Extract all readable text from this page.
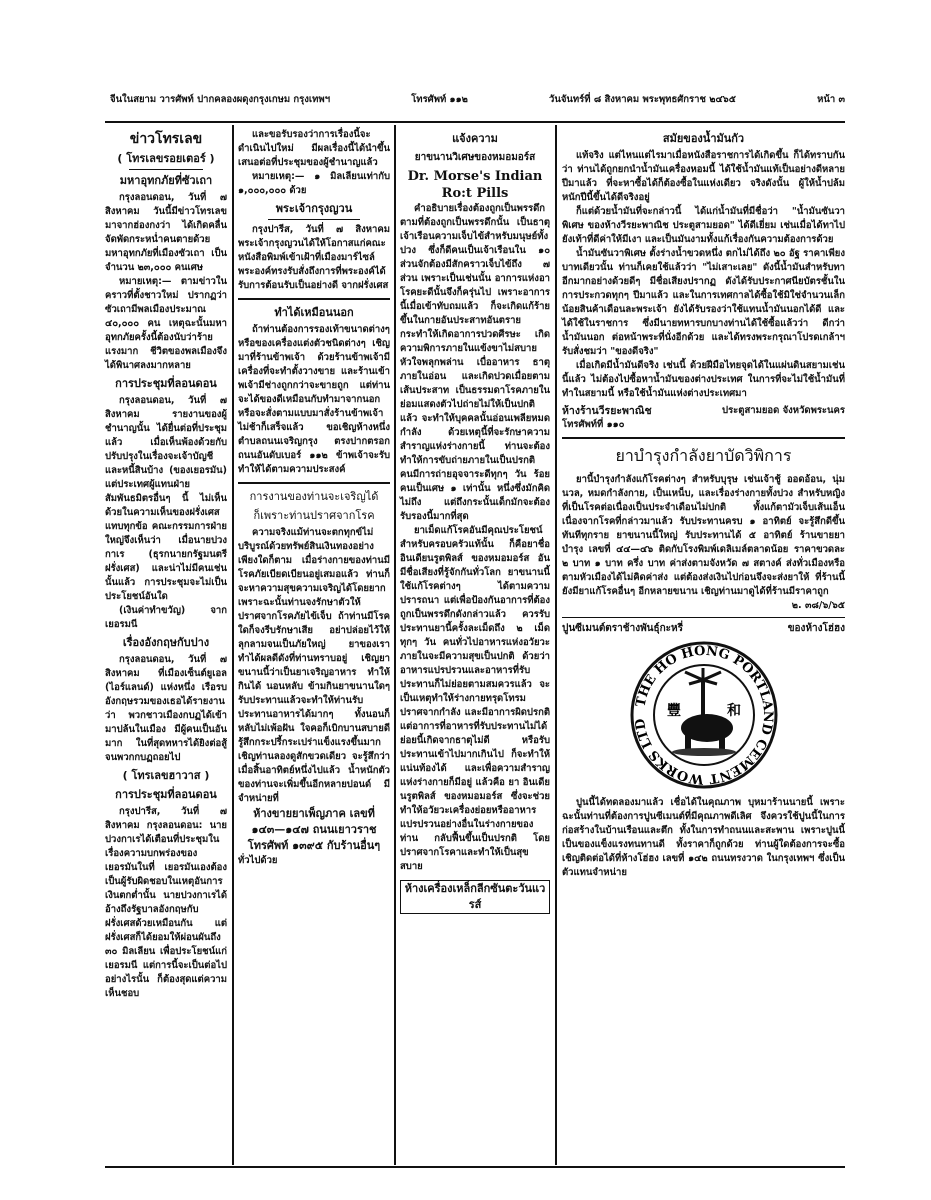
จีนในสยาม วารศัพท์ ปากคลองผดุงกรุงเกษม กรุงเทพฯ	โทรศัพท์ ๑๑๒	วันจันทร์ที่ ๘ สิงหาคม พระพุทธศักราช ๒๔๖๕	หน้า ๓
ข่าวโทรเลข
( โทรเลขรอยเตอร์ )
มหาอุทกภัยที่ซัวเถา

กรุงลอนดอน, วันที่ ๗ สิงหาคม วันนี้มีข่าวโทรเลขมาจากฮ่องกงว่า ได้เกิดคลื่นจัดพัดกระหน่ำคนตายด้วยมหาอุทกภัยที่เมืองซัวเถา เป็นจำนวน ๒๓,๐๐๐ คนเศษ

หมายเหตุ:— ตามข่าวในคราวที่ตั้งชาวใหม่ ปรากฏว่า ซัวเถามีพลเมืองประมาณ ๔๐,๐๐๐ คน เหตุฉะนั้นมหาอุทกภัยครั้งนี้ต้องนับว่าร้ายแรงมาก ชีวิตของพลเมืองจึงได้พินาศลงมากหลาย

การประชุมที่ลอนดอน

กรุงลอนดอน, วันที่ ๗ สิงหาคม รายงานของผู้ชำนาญนั้น ได้ยื่นต่อที่ประชุมแล้ว เมื่อเห็นพ้องด้วยกับปรับปรุงในเรื่องจะเจ้าบัญชีและหนี้สินบ้าง (ของเยอรมัน) แต่ประเทศผู้แทนฝ่ายสัมพันธมิตรอื่นๆ นี้ ไม่เห็นด้วยในความเห็นของฝรั่งเศสแทบทุกข้อ คณะกรรมการฝ่ายใหญ่จึงเห็นว่า เมื่อนายปวงกาเร (ธุรกนายกรัฐมนตรีฝรั่งเศส) และน่าไม่มีคนเช่นนั้นแล้ว การประชุมจะไม่เป็นประโยชน์อันใด

(เงินค่าทำขวัญ) จากเยอรมนี

เรื่องอังกฤษกับปาง

กรุงลอนดอน, วันที่ ๗ สิงหาคม ที่เมืองเซ็นต์ยูเอล (ไอร์แลนด์) แห่งหนึ่ง เรือรบอังกฤษรวมของเธอได้รายงานว่า พวกชาวเมืองกบฏได้เข้ามาปล้นในเมือง มีผู้คนเป็นอันมาก ในที่สุดทหารได้ยิงต่อสู้จนพวกกบฏถอยไป

( โทรเลขฮาวาส )
การประชุมที่ลอนดอน

กรุงปารีส, วันที่ ๗ สิงหาคม กรุงลอนดอน: นายปวงกาเรได้เตือนที่ประชุมในเรื่องความบกพร่องของเยอรมันในที่ เยอรมันเองต้องเป็นผู้รับผิดชอบในเหตุอันการเงินตกต่ำนั้น นายปวงกาเรได้อ้างถึงรัฐบาลอังกฤษกับฝรั่งเศสด้วยเหมือนกัน แต่ฝรั่งเศสก็ได้ยอมให้ผ่อนผันถึง ๓๐ มิลเลียน เพื่อประโยชน์แก่เยอรมนี แต่การนี้จะเป็นต่อไปอย่างไรนั้น ก็ต้องสุดแต่ความเห็นชอบ

และขอรับรองว่าการเรื่องนี้จะดำเนินไปใหม่ มีผลเรื่องนี้ได้นำขึ้นเสนอต่อที่ประชุมของผู้ชำนาญแล้ว

หมายเหตุ:— ๑ มิลเลียนเท่ากับ ๑,๐๐๐,๐๐๐ ด้วย

พระเจ้ากรุงญวน

กรุงปารีส, วันที่ ๗ สิงหาคม พระเจ้ากรุงญวนได้ให้โอกาสแก่คณะหนังสือพิมพ์เข้าเฝ้าที่เมืองมาร์ไซล์ พระองค์ทรงรับสั่งถึงการที่พระองค์ได้รับการต้อนรับเป็นอย่างดี จากฝรั่งเศส

ทำได้เหมือนนอก

ถ้าท่านต้องการรองเท้าขนาดต่างๆ หรือของเครื่องแต่งตัวชนิดต่างๆ เชิญมาที่ร้านข้าพเจ้า ด้วยร้านข้าพเจ้ามีเครื่องที่จะทำตั้งวางขาย และร้านเข้าพเจ้ามีช่างถูกกว่าจะขายถูก แต่ท่านจะได้ของดีเหมือนกับทำมาจากนอก หรือจะสั่งตามแบบมาสั่งร้านข้าพเจ้า ไม่ช้าก็เสร็จแล้ว ขอเชิญห้างหนึ่ง ตำบลถนนเจริญกรุง ตรงปากตรอกถนนอันดับเบอร์ ๑๑๒ ข้าพเจ้าจะรับทำให้ได้ตามความประสงค์

การงานของท่านจะเจริญได้
ก็เพราะท่านปราศจากโรค

ความจริงแม้ท่านจะตกทุกข์ไม่บริบูรณ์ด้วยทรัพย์สินเงินทองอย่างเพียงใดก็ตาม เมื่อร่างกายของท่านมีโรคภัยเบียดเบียนอยู่เสมอแล้ว ท่านก็จะหาความสุขความเจริญได้โดยยาก เพราะฉะนั้นท่านจงรักษาตัวให้ปราศจากโรคภัยไข้เจ็บ ถ้าท่านมีโรคใดก็จงรีบรักษาเสีย อย่าปล่อยไว้ให้ลุกลามจนเป็นภัยใหญ่ ยาของเราทำได้ผลดีดังที่ท่านทราบอยู่ เชิญยาขนานนี้ว่าเป็นยาเจริญอาหาร ทำให้กินได้ นอนหลับ ข้ามกินยาขนานใดๆ รับประทานแล้วจะทำให้ท่านรับประทานอาหารได้มากๆ ทั้งนอนก็หลับไม่เพ้อฝัน ใจคอก็เบิกบานสบายดี รู้สึกกระปรี้กระเปร่าแข็งแรงขึ้นมาก เชิญท่านลองดูสักขวดเดียว จะรู้สึกว่าเมื่อสิ้นอาทิตย์หนึ่งไปแล้ว น้ำหนักตัวของท่านจะเพิ่มขึ้นอีกหลายปอนด์ มีจำหน่ายที่

ห้างขายยาเพ็ญภาค เลขที่
๑๔๓—๑๔๗ ถนนเยาวราช
โทรศัพท์ ๑๓๙๕ กับร้านอื่นๆ
ทั่วไปด้วย
แจ้งความ
ยาขนานวิเศษของหมอมอร์ส
Dr. Morse's Indian
Ro:t Pills

คำอธิบายเรื่องต้องถูกเป็นพรรดึก ตามที่ต้องถูกเป็นพรรดึกนั้น เป็นธาตุเจ้าเรือนความเจ็บไข้สำหรับมนุษย์ทั้งปวง ซึ่งก็ดีคนเป็นเจ้าเรือนใน ๑๐ ส่วนจักต้องมีสักคราวเจ็บไข้ถึง ๗ ส่วน เพราะเป็นเช่นนั้น อาการแห่งอาโรคยะดีนั้นจึงก็ครุ่นไป เพราะอาการนี้เมื่อเข้าทับถมแล้ว ก็จะเกิดแก้ร้ายขึ้นในกายอันประสาทอันตราย กระทำให้เกิดอาการปวดศีรษะ เกิดความพิการภายในแข้งขาไม่สบาย หัวใจพลุกพล่าน เบื่ออาหาร ธาตุภายในอ่อน และเกิดปวดเมื่อยตามเส้นประสาท เป็นธรรมดาโรคภายในย่อมแสดงตัวไปถ่ายไม่ให้เป็นปกติแล้ว จะทำให้บุคคลนั้นอ่อนเพลียหมดกำลัง ด้วยเหตุนี้ที่จะรักษาความสำราญแห่งร่างกายนี้ ท่านจะต้องทำให้การขับถ่ายภายในเป็นปรกติ คนมีการถ่ายอุจจาระดีทุกๆ วัน ร้อยคนเป็นเศษ ๑ เท่านั้น หนึ่งซึ่งมักคิดไม่ถึง แต่ถึงกระนั้นเด็กมักจะต้องรับรองนี้มากที่สุด

ยาเม็ดแก้โรคอันมีคุณประโยชน์สำหรับครอบครัวแท้นั้น ก็คือยาชื่อ อินเดียนรูตพิลส์ ของหมอมอร์ส อันมีชื่อเสียงที่รู้จักกันทั่วโลก ยาขนานนี้ใช้แก้โรคต่างๆ ได้ตามความปรารถนา แต่เพื่อป้องกันอาการที่ต้องถูกเป็นพรรดึกดังกล่าวแล้ว ควรรับประทานยานี้ครั้งละเม็ดถึง ๒ เม็ดทุกๆ วัน คนทั่วไปอาหารแห่งอวัยวะภายในจะมีความสุขเป็นปกติ ด้วยว่าอาหารแปรปรวนและอาหารที่รับประทานก็ไม่ย่อยตามสมควรแล้ว จะเป็นเหตุทำให้ร่างกายทรุดโทรม ปราศจากกำลัง และมีอาการผิดปรกติ แต่อาการที่อาหารที่รับประทานไม่ได้ย่อยนี้เกิดจากธาตุไม่ดี หรือรับประทานเข้าไปมากเกินไป ก็จะทำให้แน่นท้องได้ และเพื่อความสำราญแห่งร่างกายก็มีอยู่ แล้วคือ ยา อินเดียนรูตพิลส์ ของหมอมอร์ส ซึ่งจะช่วยทำให้อวัยวะเครื่องย่อยหรืออาหารแปรปรวนอย่างอื่นในร่างกายของท่าน กลับฟื้นขึ้นเป็นปรกติ โดยปราศจากโรคาและทำให้เป็นสุขสบาย

ห้างเครื่องเหล็กลีกซันตะวันแวรส์
สมัยของน้ำมันกัว

แท้จริง แต่ไหนแต่ไรมาเมื่อหนังสือราชการได้เกิดขึ้น ก็ได้ทราบกันว่า ท่านได้ถูกยกนำน้ำมันเครื่องหอมนี้ ได้ใช้น้ำมันแท้เป็นอย่างดีหลายปีมาแล้ว ที่จะหาซื้อได้ก็ต้องซื้อในแห่งเดียว จริงดังนั้น ผู้ให้น้ำปล้มหนักปีนี้ขึ้นได้ดีจริงอยู่

ก็แต่ด้วยน้ำมันที่จะกล่าวนี้ ได้แก่น้ำมันที่มีชื่อว่า "น้ำมันซันวาพิเศษ ของห้างวีรยะพาณิช ประตูสามยอด" ได้ดีเยี่ยม เช่นเมื่อได้ทาไปยังเท้าที่ดีค่าให้มีเงา และเป็นมันงามทั้งแก้เรื่องกันความต้องการด้วย

น้ำมันซันวาพิเศษ ตั้งร่างน้ำขวดหนึ่ง ตกไม่ได้ถึง ๒๐ อัฐ ราคาเพียงบาทเดียวนั้น ท่านก็เคยใช้แล้วว่า "ไม่เสาะเลย" ดังนี้น้ำมันสำหรับทาอีกมากอย่างด้วยดีๆ มีชื่อเสียงปรากฏ ดังได้รับประกาศนียบัตรชั้นในการประกวดทุกๆ ปีมาแล้ว และในการเทศกาลได้ซื้อใช้มิใช่จำนวนเล็กน้อยสินค้าเดือนละพระเจ้า ยังได้รับรองว่าใช้แทนน้ำมันนอกได้ดี และได้ใช้ในราชการ ซึ่งมีนายทหารบกบางท่านได้ใช้ซื้อแล้วว่า ดีกว่าน้ำมันนอก ต่อหน้าพระที่นั่งอีกด้วย และได้ทรงพระกรุณาโปรดเกล้าฯ รับสั่งชมว่า "ของดีจริง"

เมื่อเกิดมีน้ำมันดีจริง เช่นนี้ ด้วยฝีมือไทยจุดได้ในแผ่นดินสยามเช่นนี้แล้ว ไม่ต้องไปซื้อหาน้ำมันของต่างประเทศ ในการที่จะไม่ใช้น้ำมันที่ทำในสยามนี้ หรือใช้น้ำมันแห่งต่างประเทศมา

ห้างร้านวีรยะพาณิช	ประตูสามยอด จังหวัดพระนคร
โทรศัพท์ที่ ๑๑๐
ยาบำรุงกำลังยาบัดวิพิการ

ยานี้บำรุงกำลังแก้โรคต่างๆ สำหรับบุรุษ เช่นเจ้าชู้ ออดอ้อน, นุ่มนวล, หมดกำลังกาย, เป็นเหน็บ, และเรื่องร่างกายทั้งปวง สำหรับหญิงที่เป็นโรคต่อเนื่องเป็นประจำเดือนไม่ปกติ ทั้งแก้ตามัวเจ็บเส้นเอ็นเนื่องจากโรคที่กล่าวมาแล้ว รับประทานครบ ๑ อาทิตย์ จะรู้สึกดีขึ้นทันทีทุกราย ยาขนานนี้ใหญ่ รับประทานได้ ๕ อาทิตย์ ร้านขายยาบำรุง เลขที่ ๔๔—๔๖ ติดกับโรงพิมพ์เดลิเมล์ตลาดน้อย ราคาขวดละ ๒ บาท ๑ บาท ครึ่ง บาท ค่าส่งตามจังหวัด ๗ สตางค์ ส่งทั่วเมืองหรือตามหัวเมืองได้ไม่คิดค่าส่ง แต่ต้องส่งเงินไปก่อนจึงจะส่งยาให้ ที่ร้านนี้ยังมียาแก้โรคอื่นๆ อีกหลายขนาน เชิญท่านมาดูได้ที่ร้านมีราคาถูก

๒. ๓๘/๖/๖๕
ปูนซีเมนต์ตราช้างพันธุ์กะหรี่	ของห้างโฮ่ฮง
THE HO HONG PORTLAND CEMENT WORKS LTD
豐	和

ปูนนี้ได้ทดลองมาแล้ว เชื่อได้ในคุณภาพ บุหมาร้านนายนี้ เพราะฉะนั้นท่านที่ต้องการปูนซีเมนต์ที่มีคุณภาพดีเลิศ จึงควรใช้ปูนนี้ในการก่อสร้างในบ้านเรือนและตึก ทั้งในการทำถนนและสะพาน เพราะปูนนี้เป็นของแข็งแรงทนทานดี ทั้งราคาก็ถูกด้วย ท่านผู้ใดต้องการจะซื้อ เชิญติดต่อได้ที่ห้างโฮ่ฮง เลขที่ ๑๔๒ ถนนทรงวาด ในกรุงเทพฯ ซึ่งเป็นตัวแทนจำหน่าย
